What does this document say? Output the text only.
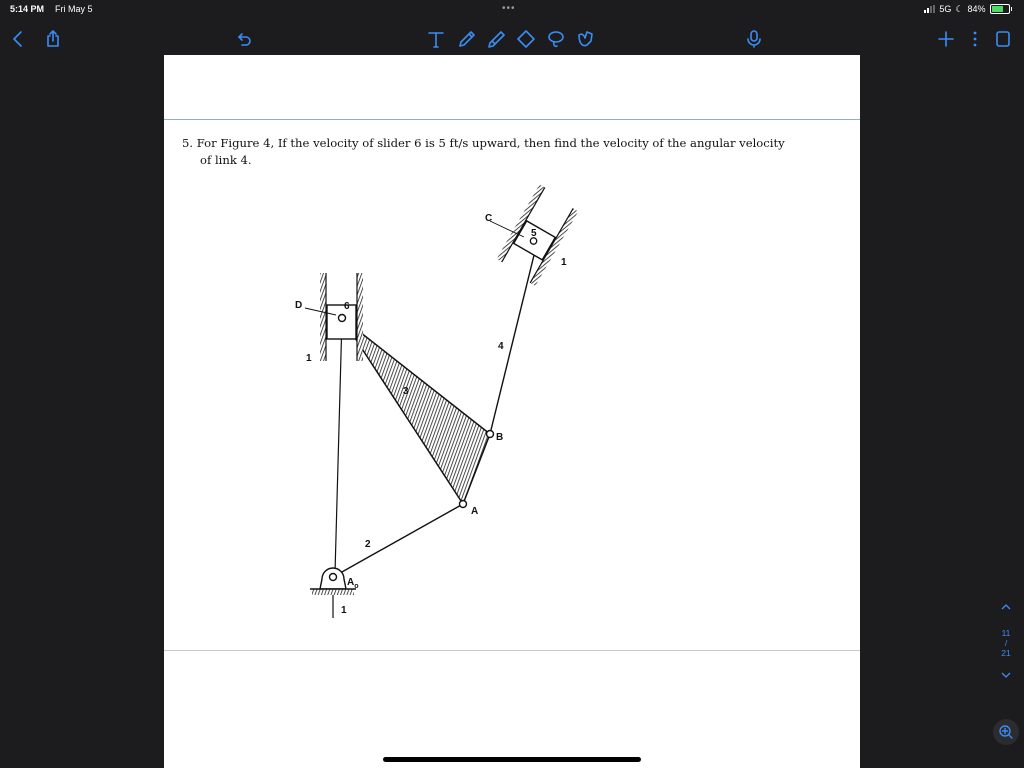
5:14 PM Fri May 5	•••	5G ☾ 84%
5. For Figure 4, If the velocity of slider 6 is 5 ft/s upward, then find the velocity of the angular velocity
of link 4.
C
D
B
A
$A_o$
5
6
3
4
2
1
1
1
11
/
21
